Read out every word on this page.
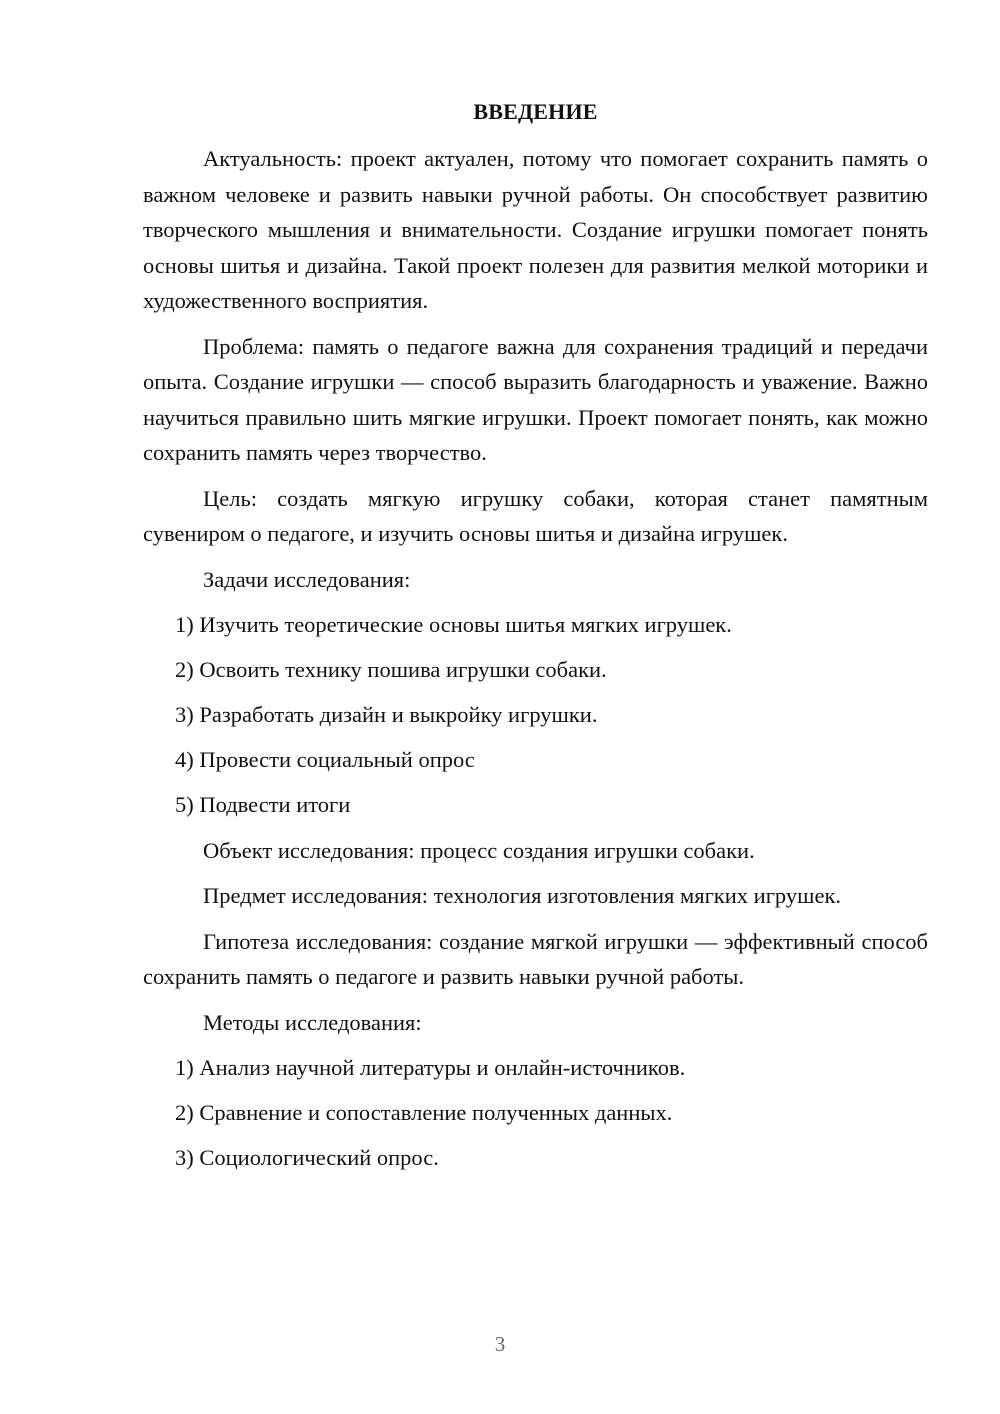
ВВЕДЕНИЕ

Актуальность: проект актуален, потому что помогает сохранить память о важном человеке и развить навыки ручной работы. Он способствует развитию творческого мышления и внимательности. Создание игрушки помогает понять основы шитья и дизайна. Такой проект полезен для развития мелкой моторики и художественного восприятия.

Проблема: память о педагоге важна для сохранения традиций и передачи опыта. Создание игрушки — способ выразить благодарность и уважение. Важно научиться правильно шить мягкие игрушки. Проект помогает понять, как можно сохранить память через творчество.

Цель: создать мягкую игрушку собаки, которая станет памятным сувениром о педагоге, и изучить основы шитья и дизайна игрушек.

Задачи исследования:

1) Изучить теоретические основы шитья мягких игрушек.
2) Освоить технику пошива игрушки собаки.
3) Разработать дизайн и выкройку игрушки.
4) Провести социальный опрос
5) Подвести итоги

Объект исследования: процесс создания игрушки собаки.

Предмет исследования: технология изготовления мягких игрушек.

Гипотеза исследования: создание мягкой игрушки — эффективный способ сохранить память о педагоге и развить навыки ручной работы.

Методы исследования:

1) Анализ научной литературы и онлайн-источников.
2) Сравнение и сопоставление полученных данных.
3) Социологический опрос.
3
